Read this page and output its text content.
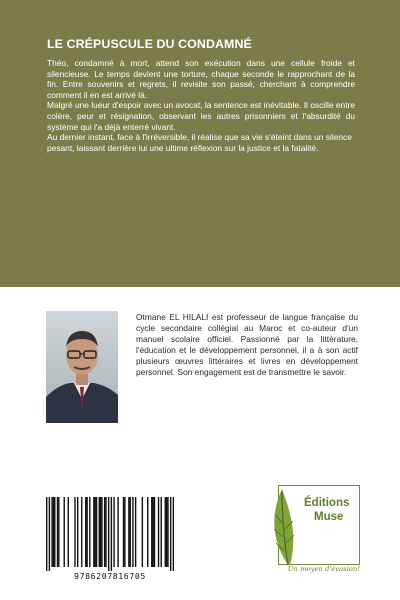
LE CRÉPUSCULE DU CONDAMNÉ

Théo, condamné à mort, attend son exécution dans une cellule froide et silencieuse. Le temps devient une torture, chaque seconde le rapprochant de la fin. Entre souvenirs et regrets, il revisite son passé, cherchant à comprendre comment il en est arrivé là.

Malgré une lueur d'espoir avec un avocat, la sentence est inévitable. Il oscille entre colère, peur et résignation, observant les autres prisonniers et l'absurdité du système qui l'a déjà enterré vivant.

Au dernier instant, face à l'irréversible, il réalise que sa vie s'éteint dans un silence pesant, laissant derrière lui une ultime réflexion sur la justice et la fatalité.

Otmane EL HILALI est professeur de langue française du cycle secondaire collégial au Maroc et co-auteur d'un manuel scolaire officiel. Passionné par la littérature, l'éducation et le développement personnel, il a à son actif plusieurs œuvres littéraires et livres en développement personnel. Son engagement est de transmettre le savoir.
9786207816705
Éditions
Muse
Un moyen d'évasion!
